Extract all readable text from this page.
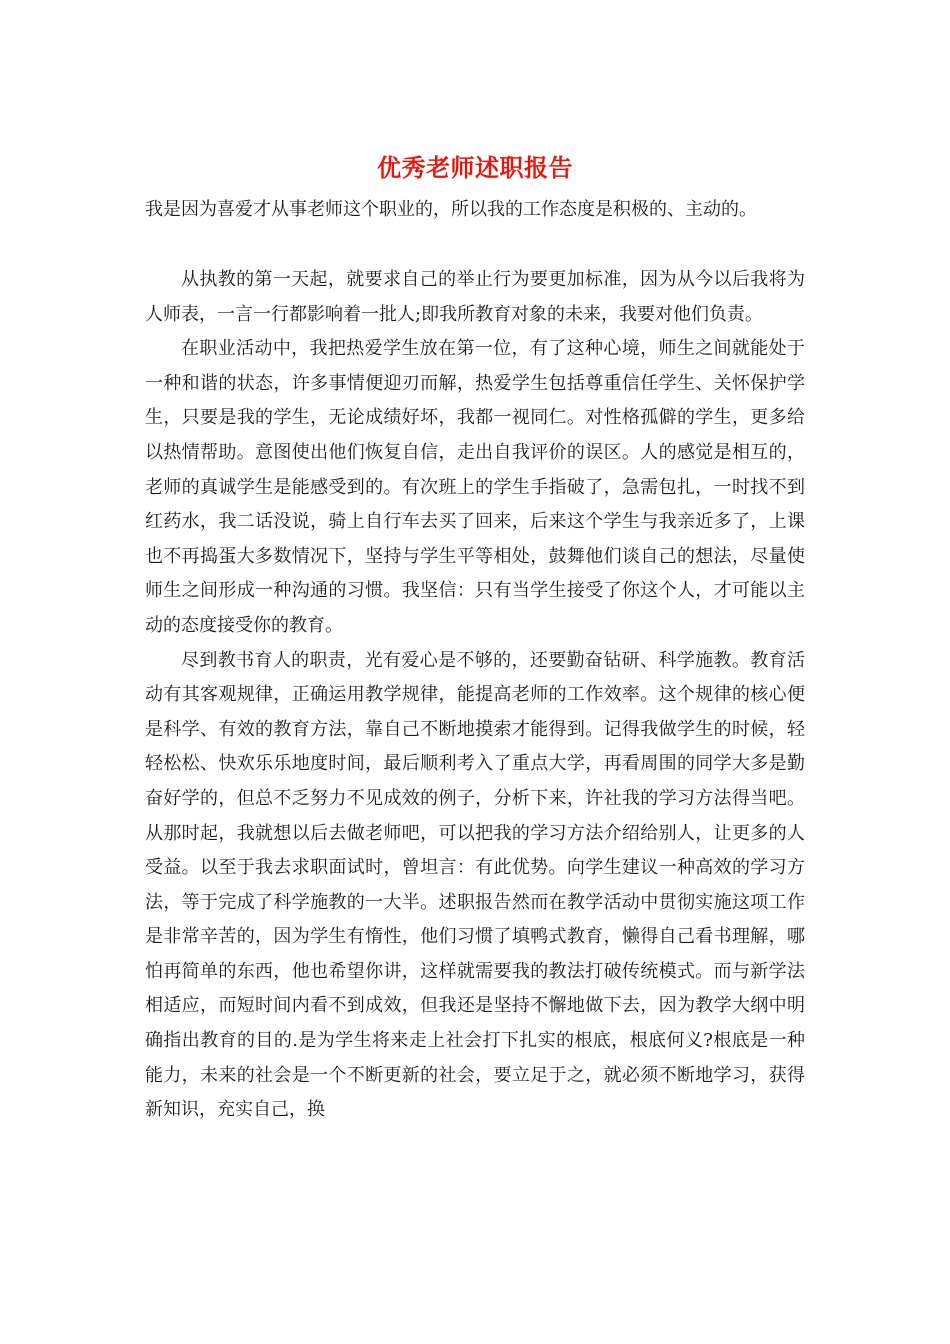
优秀老师述职报告
我是因为喜爱才从事老师这个职业的，所以我的工作态度是积极的、主动的。

从执教的第一天起，就要求自己的举止行为要更加标准，因为从今以后我将为人师表，一言一行都影响着一批人;即我所教育对象的未来，我要对他们负责。

在职业活动中，我把热爱学生放在第一位，有了这种心境，师生之间就能处于一种和谐的状态，许多事情便迎刃而解，热爱学生包括尊重信任学生、关怀保护学生，只要是我的学生，无论成绩好坏，我都一视同仁。对性格孤僻的学生，更多给以热情帮助。意图使出他们恢复自信，走出自我评价的误区。人的感觉是相互的，老师的真诚学生是能感受到的。有次班上的学生手指破了，急需包扎，一时找不到红药水，我二话没说，骑上自行车去买了回来，后来这个学生与我亲近多了，上课也不再捣蛋大多数情况下，坚持与学生平等相处，鼓舞他们谈自己的想法，尽量使师生之间形成一种沟通的习惯。我坚信：只有当学生接受了你这个人，才可能以主动的态度接受你的教育。

尽到教书育人的职责，光有爱心是不够的，还要勤奋钻研、科学施教。教育活动有其客观规律，正确运用教学规律，能提高老师的工作效率。这个规律的核心便是科学、有效的教育方法，靠自己不断地摸索才能得到。记得我做学生的时候，轻轻松松、快欢乐乐地度时间，最后顺利考入了重点大学，再看周围的同学大多是勤奋好学的，但总不乏努力不见成效的例子，分析下来，许社我的学习方法得当吧。从那时起，我就想以后去做老师吧，可以把我的学习方法介绍给别人，让更多的人受益。以至于我去求职面试时，曾坦言：有此优势。向学生建议一种高效的学习方法，等于完成了科学施教的一大半。述职报告然而在教学活动中贯彻实施这项工作是非常辛苦的，因为学生有惰性，他们习惯了填鸭式教育，懒得自己看书理解，哪怕再简单的东西，他也希望你讲，这样就需要我的教法打破传统模式。而与新学法相适应，而短时间内看不到成效，但我还是坚持不懈地做下去，因为教学大纲中明确指出教育的目的.是为学生将来走上社会打下扎实的根底，根底何义?根底是一种能力，未来的社会是一个不断更新的社会，要立足于之，就必须不断地学习，获得新知识，充实自己，换
